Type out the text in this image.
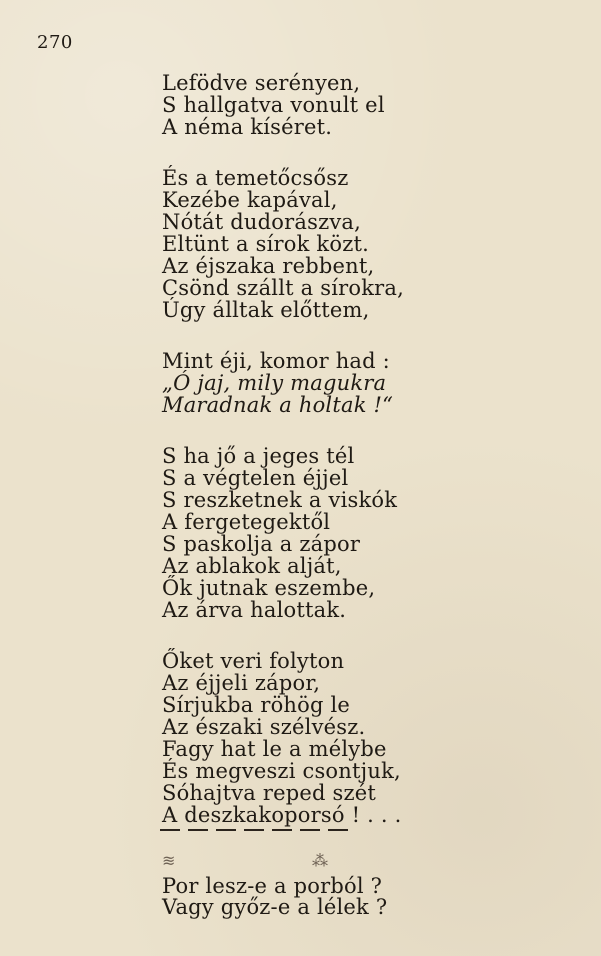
270
Lefödve serényen,
S hallgatva vonult el
A néma kíséret.
És a temetőcsősz
Kezébe kapával,
Nótát dudorászva,
Eltünt a sírok közt.
Az éjszaka rebbent,
Csönd szállt a sírokra,
Úgy álltak előttem,
Mint éji, komor had :
„Ó jaj, mily magukra
Maradnak a holtak !“
S ha jő a jeges tél
S a végtelen éjjel
S reszketnek a viskók
A fergetegektől
S paskolja a zápor
Az ablakok alját,
Ők jutnak eszembe,
Az árva halottak.
Őket veri folyton
Az éjjeli zápor,
Sírjukba röhög le
Az északi szélvész.
Fagy hat le a mélybe
És megveszi csontjuk,
Sóhajtva reped szét
A deszkakoporsó ! . . .
≋	⁂
Por lesz-e a porból ?
Vagy győz-e a lélek ?
